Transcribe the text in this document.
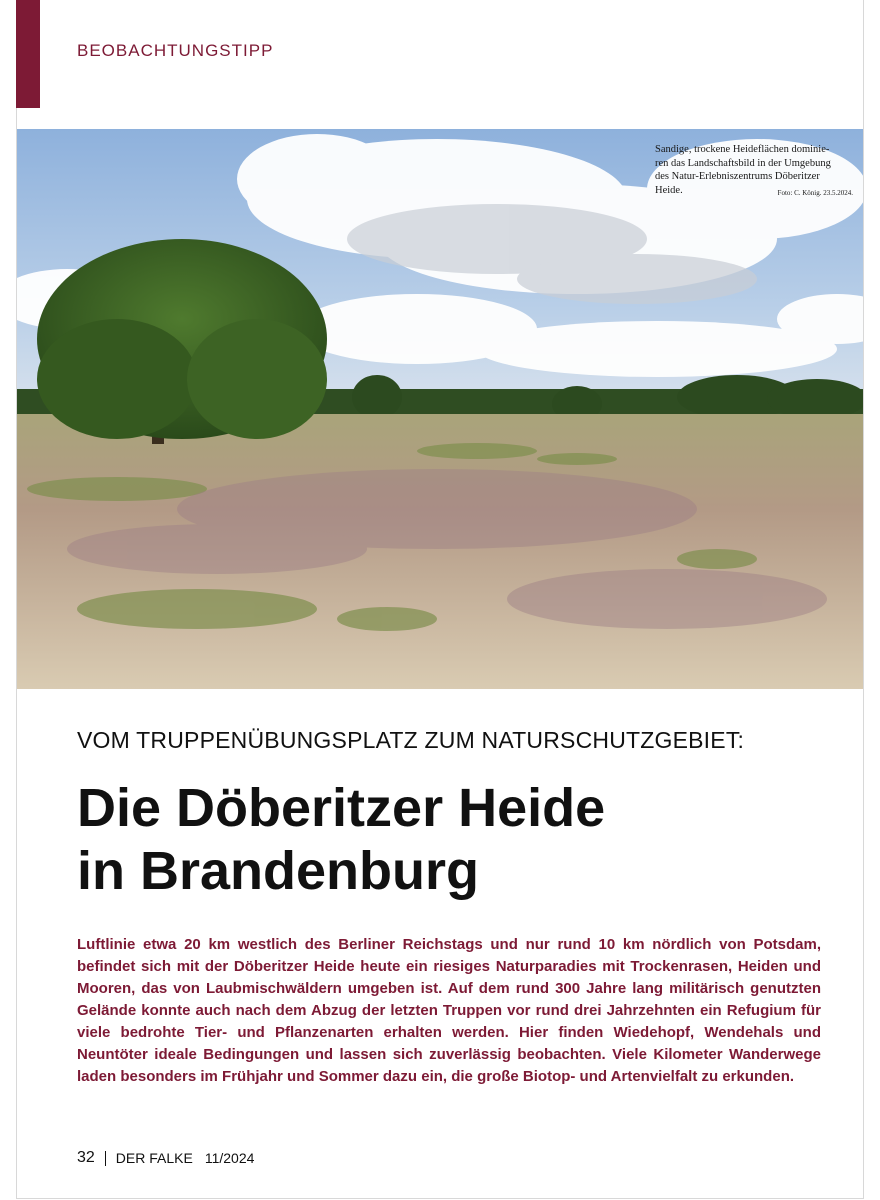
BEOBACHTUNGSTIPP
Sandige, trockene Heideflächen dominie-
ren das Landschaftsbild in der Umgebung
des Natur-Erlebniszentrums Döberitzer
Heide.	Foto: C. König. 23.5.2024.
VOM TRUPPENÜBUNGSPLATZ ZUM NATURSCHUTZGEBIET:
Die Döberitzer Heide
in Brandenburg
Luftlinie etwa 20 km westlich des Berliner Reichstags und nur rund 10 km nördlich von Potsdam, befindet sich mit der Döberitzer Heide heute ein riesiges Naturparadies mit Trockenrasen, Heiden und Mooren, das von Laubmischwäldern umgeben ist. Auf dem rund 300 Jahre lang militärisch genutzten Gelände konnte auch nach dem Abzug der letzten Truppen vor rund drei Jahrzehnten ein Refugium für viele bedrohte Tier- und Pflanzenarten erhalten werden. Hier finden Wiedehopf, Wendehals und Neuntöter ideale Bedingungen und lassen sich zuverlässig beobachten. Viele Kilometer Wanderwege laden besonders im Frühjahr und Sommer dazu ein, die große Biotop- und Artenvielfalt zu erkunden.
32 DER FALKE 11/2024
